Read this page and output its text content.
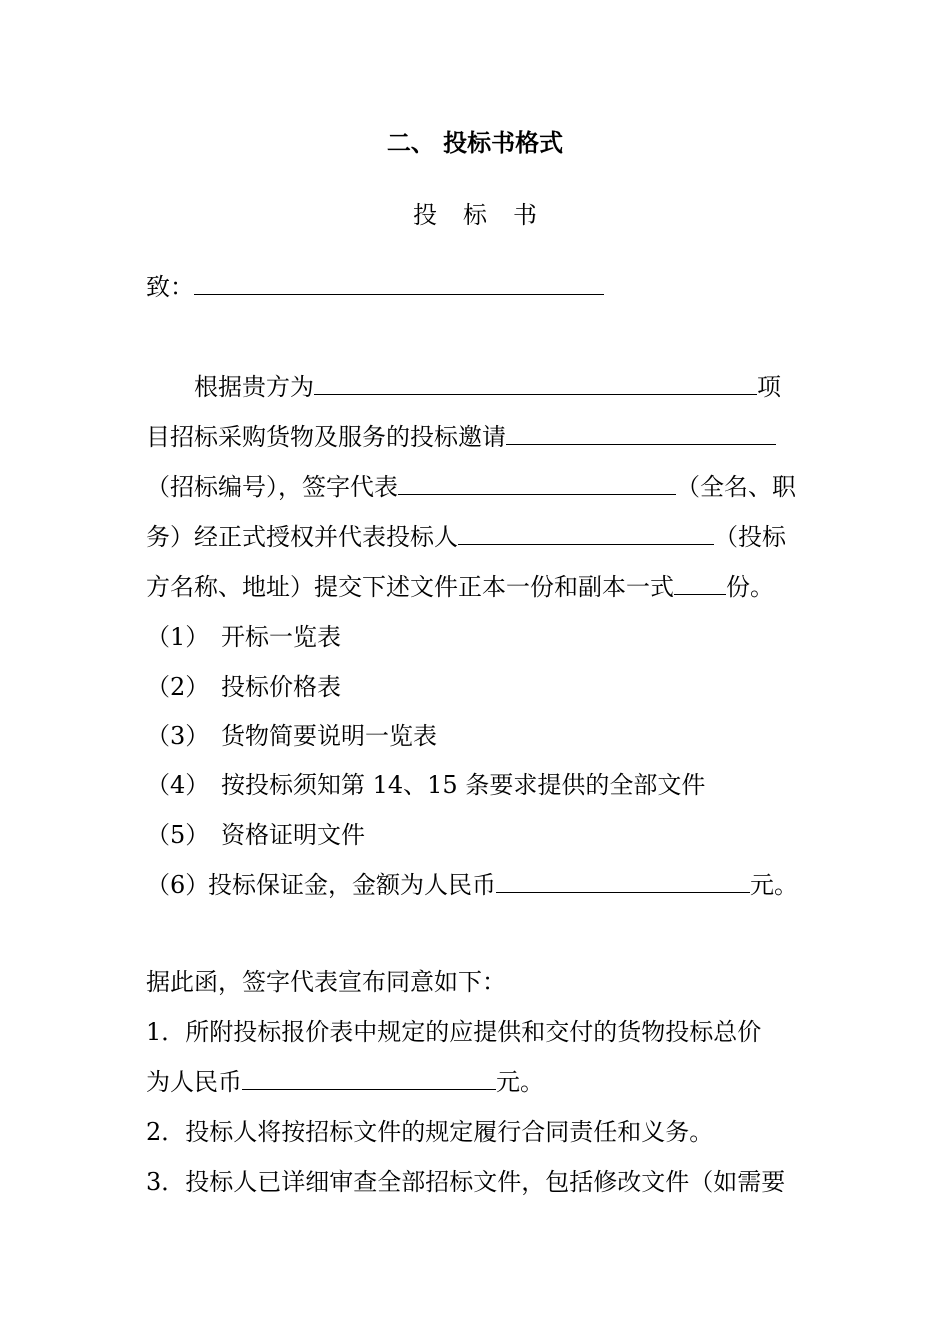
二、 投标书格式
投标书
致：
根据贵方为	项
目招标采购货物及服务的投标邀请
（招标编号），签字代表	（全名、职
务）经正式授权并代表投标人	（投标
方名称、地址）提交下述文件正本一份和副本一式 份。
（1） 开标一览表
（2） 投标价格表
（3） 货物简要说明一览表
（4） 按投标须知第 14、15 条要求提供的全部文件
（5） 资格证明文件
（6）投标保证金，金额为人民币	元。
据此函，签字代表宣布同意如下：
1．所附投标报价表中规定的应提供和交付的货物投标总价
为人民币	元。
2．投标人将按招标文件的规定履行合同责任和义务。
3．投标人已详细审查全部招标文件，包括修改文件（如需要
